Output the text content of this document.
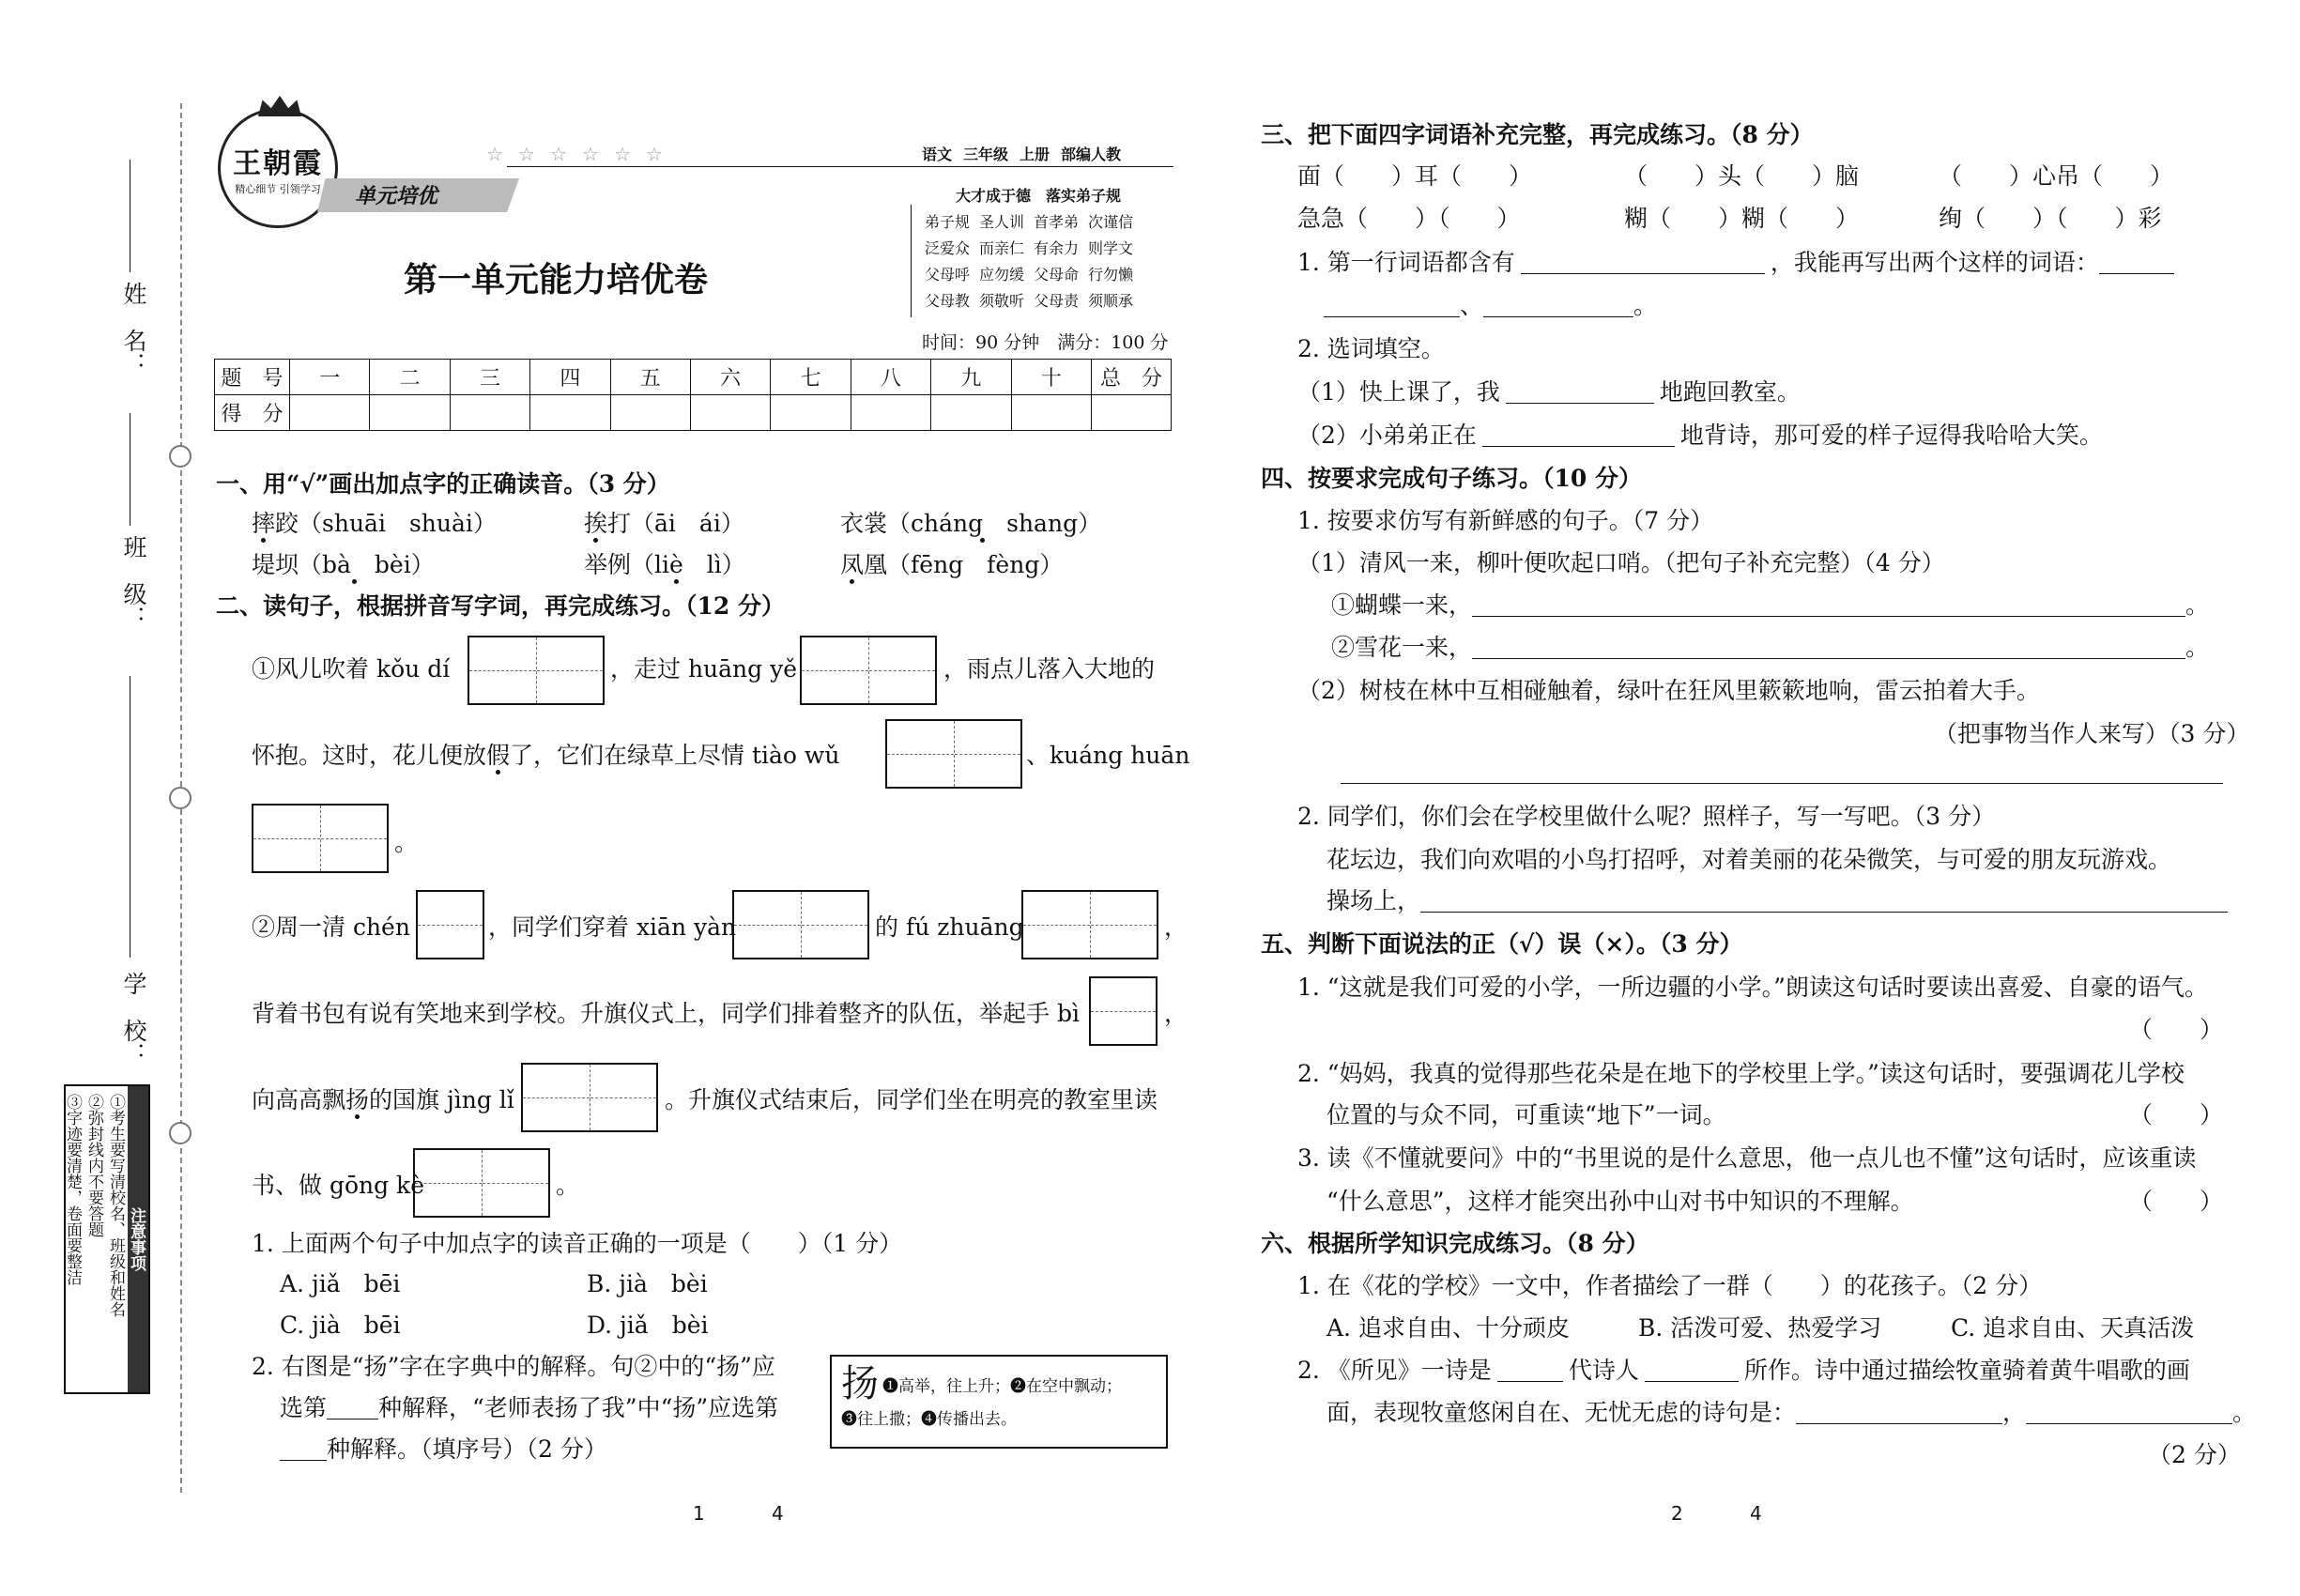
姓　名：
班　级：
学　校：
注意事项
①考生要写清校名、班级和姓名
②弥封线内不要答题
③字迹要清楚，卷面要整洁
王朝霞
精心细节 引领学习 单元培优
☆ ☆ ☆ ☆ ☆ ☆	语文 三年级 上册 部编人教
第一单元能力培优卷
大才成于德　落实弟子规
弟子规 圣人训 首孝弟 次谨信
泛爱众 而亲仁 有余力 则学文
父母呼 应勿缓 父母命 行勿懒
父母教 须敬听 父母责 须顺承
时间：90 分钟　满分：100 分
题　号	一	二	三	四	五	六	七	八	九	十	总　分
得　分											
一、用“√”画出加点字的正确读音。（3 分）
摔跤（shuāi　shuài）	挨打（āi　ái）	衣裳（cháng　shang）
堤坝（bà　bèi）	举例（liè　lì）	凤凰（fēng　fèng）
二、读句子，根据拼音写字词，再完成练习。（12 分）
①风儿吹着 kǒu dí	，走过 huāng yě	，雨点儿落入大地的
怀抱。这时，花儿便放假了，它们在绿草上尽情 tiào wǔ	、kuáng huān
。
②周一清 chén	，同学们穿着 xiān yàn	的 fú zhuāng	，
背着书包有说有笑地来到学校。升旗仪式上，同学们排着整齐的队伍，举起手 bì	，
向高高飘扬的国旗 jìng lǐ	。升旗仪式结束后，同学们坐在明亮的教室里读
书、做 gōng kè	。
1. 上面两个句子中加点字的读音正确的一项是（　　）（1 分）
A. jiǎ　bēi	B. jià　bèi
C. jià　bēi	D. jiǎ　bèi
2. 右图是“扬”字在字典中的解释。句②中的“扬”应
选第 种解释，“老师表扬了我”中“扬”应选第
种解释。（填序号）（2 分）
扬 ❶高举，往上升；❷在空中飘动；
❸往上撒；❹传播出去。
1	4
三、把下面四字词语补充完整，再完成练习。（8 分）
面（　　）耳（　　）	（　　）头（　　）脑	（　　）心吊（　　）
急急（　　）（　　）	糊（　　）糊（　　）	绚（　　）（　　）彩
1. 第一行词语都含有	，我能再写出两个这样的词语：
、	。
2. 选词填空。
（1）快上课了，我	地跑回教室。
（2）小弟弟正在	地背诗，那可爱的样子逗得我哈哈大笑。
四、按要求完成句子练习。（10 分）
1. 按要求仿写有新鲜感的句子。（7 分）
（1）清风一来，柳叶便吹起口哨。（把句子补充完整）（4 分）
①蝴蝶一来，	。
②雪花一来，	。
（2）树枝在林中互相碰触着，绿叶在狂风里簌簌地响，雷云拍着大手。
（把事物当作人来写）（3 分）
2. 同学们，你们会在学校里做什么呢？照样子，写一写吧。（3 分）
花坛边，我们向欢唱的小鸟打招呼，对着美丽的花朵微笑，与可爱的朋友玩游戏。
操场上，
五、判断下面说法的正（√）误（×）。（3 分）
1. “这就是我们可爱的小学，一所边疆的小学。”朗读这句话时要读出喜爱、自豪的语气。
（　　）
2. “妈妈，我真的觉得那些花朵是在地下的学校里上学。”读这句话时，要强调花儿学校
位置的与众不同，可重读“地下”一词。	（　　）
3. 读《不懂就要问》中的“书里说的是什么意思，他一点儿也不懂”这句话时，应该重读
“什么意思”，这样才能突出孙中山对书中知识的不理解。	（　　）
六、根据所学知识完成练习。（8 分）
1. 在《花的学校》一文中，作者描绘了一群（　　）的花孩子。（2 分）
A. 追求自由、十分顽皮	B. 活泼可爱、热爱学习	C. 追求自由、天真活泼
2. 《所见》一诗是	代诗人	所作。诗中通过描绘牧童骑着黄牛唱歌的画
面，表现牧童悠闲自在、无忧无虑的诗句是：	，	。
（2 分）
2	4
